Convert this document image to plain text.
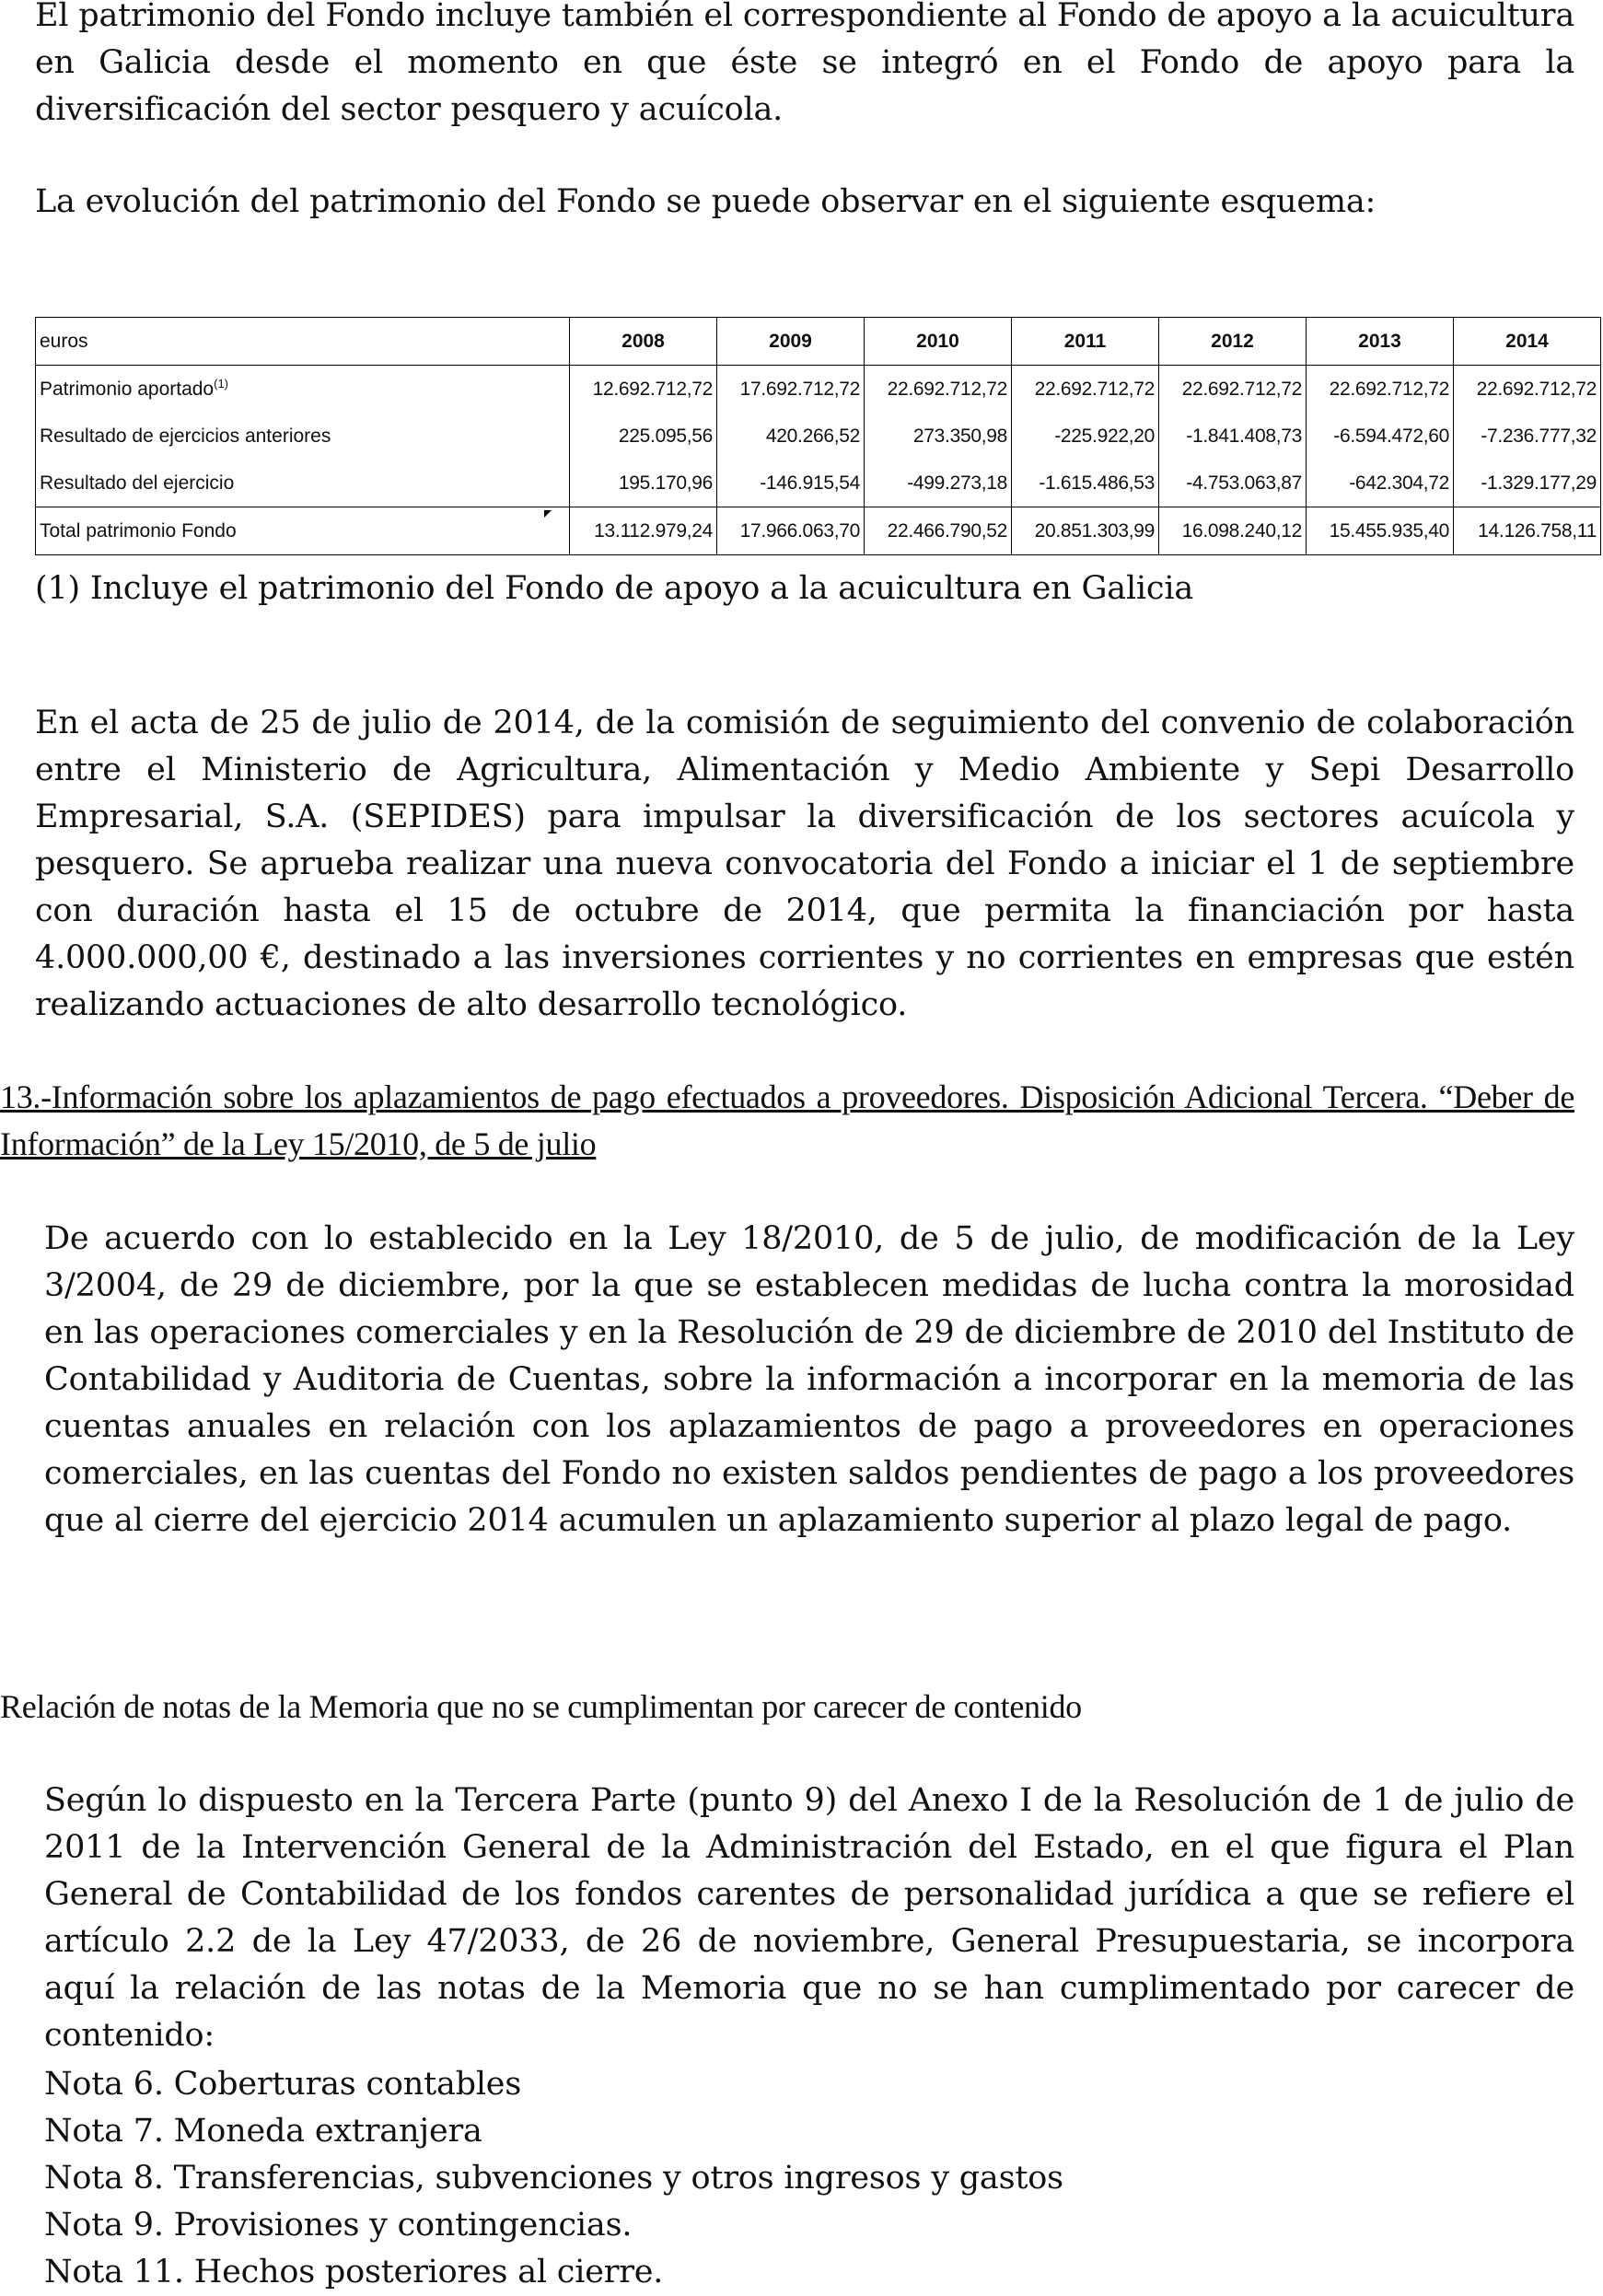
El patrimonio del Fondo incluye también el correspondiente al Fondo de apoyo a la acuicultura en Galicia desde el momento en que éste se integró en el Fondo de apoyo para la diversificación del sector pesquero y acuícola.

La evolución del patrimonio del Fondo se puede observar en el siguiente esquema:

euros	2008	2009	2010	2011	2012	2013	2014
Patrimonio aportado$^{(1)}$	12.692.712,72	17.692.712,72	22.692.712,72	22.692.712,72	22.692.712,72	22.692.712,72	22.692.712,72
Resultado de ejercicios anteriores	225.095,56	420.266,52	273.350,98	-225.922,20	-1.841.408,73	-6.594.472,60	-7.236.777,32
Resultado del ejercicio	195.170,96	-146.915,54	-499.273,18	-1.615.486,53	-4.753.063,87	-642.304,72	-1.329.177,29
Total patrimonio Fondo	13.112.979,24	17.966.063,70	22.466.790,52	20.851.303,99	16.098.240,12	15.455.935,40	14.126.758,11

(1) Incluye el patrimonio del Fondo de apoyo a la acuicultura en Galicia

En el acta de 25 de julio de 2014, de la comisión de seguimiento del convenio de colaboración entre el Ministerio de Agricultura, Alimentación y Medio Ambiente y Sepi Desarrollo Empresarial, S.A. (SEPIDES) para impulsar la diversificación de los sectores acuícola y pesquero. Se aprueba realizar una nueva convocatoria del Fondo a iniciar el 1 de septiembre con duración hasta el 15 de octubre de 2014, que permita la financiación por hasta 4.000.000,00 €, destinado a las inversiones corrientes y no corrientes en empresas que estén realizando actuaciones de alto desarrollo tecnológico.

13.-Información sobre los aplazamientos de pago efectuados a proveedores. Disposición Adicional Tercera. “Deber de Información” de la Ley 15/2010, de 5 de julio

De acuerdo con lo establecido en la Ley 18/2010, de 5 de julio, de modificación de la Ley 3/2004, de 29 de diciembre, por la que se establecen medidas de lucha contra la morosidad en las operaciones comerciales y en la Resolución de 29 de diciembre de 2010 del Instituto de Contabilidad y Auditoria de Cuentas, sobre la información a incorporar en la memoria de las cuentas anuales en relación con los aplazamientos de pago a proveedores en operaciones comerciales, en las cuentas del Fondo no existen saldos pendientes de pago a los proveedores que al cierre del ejercicio 2014 acumulen un aplazamiento superior al plazo legal de pago.

Relación de notas de la Memoria que no se cumplimentan por carecer de contenido

Según lo dispuesto en la Tercera Parte (punto 9) del Anexo I de la Resolución de 1 de julio de 2011 de la Intervención General de la Administración del Estado, en el que figura el Plan General de Contabilidad de los fondos carentes de personalidad jurídica a que se refiere el artículo 2.2 de la Ley 47/2033, de 26 de noviembre, General Presupuestaria, se incorpora aquí la relación de las notas de la Memoria que no se han cumplimentado por carecer de contenido:

Nota 6. Coberturas contables
Nota 7. Moneda extranjera
Nota 8. Transferencias, subvenciones y otros ingresos y gastos
Nota 9. Provisiones y contingencias.
Nota 11. Hechos posteriores al cierre.
